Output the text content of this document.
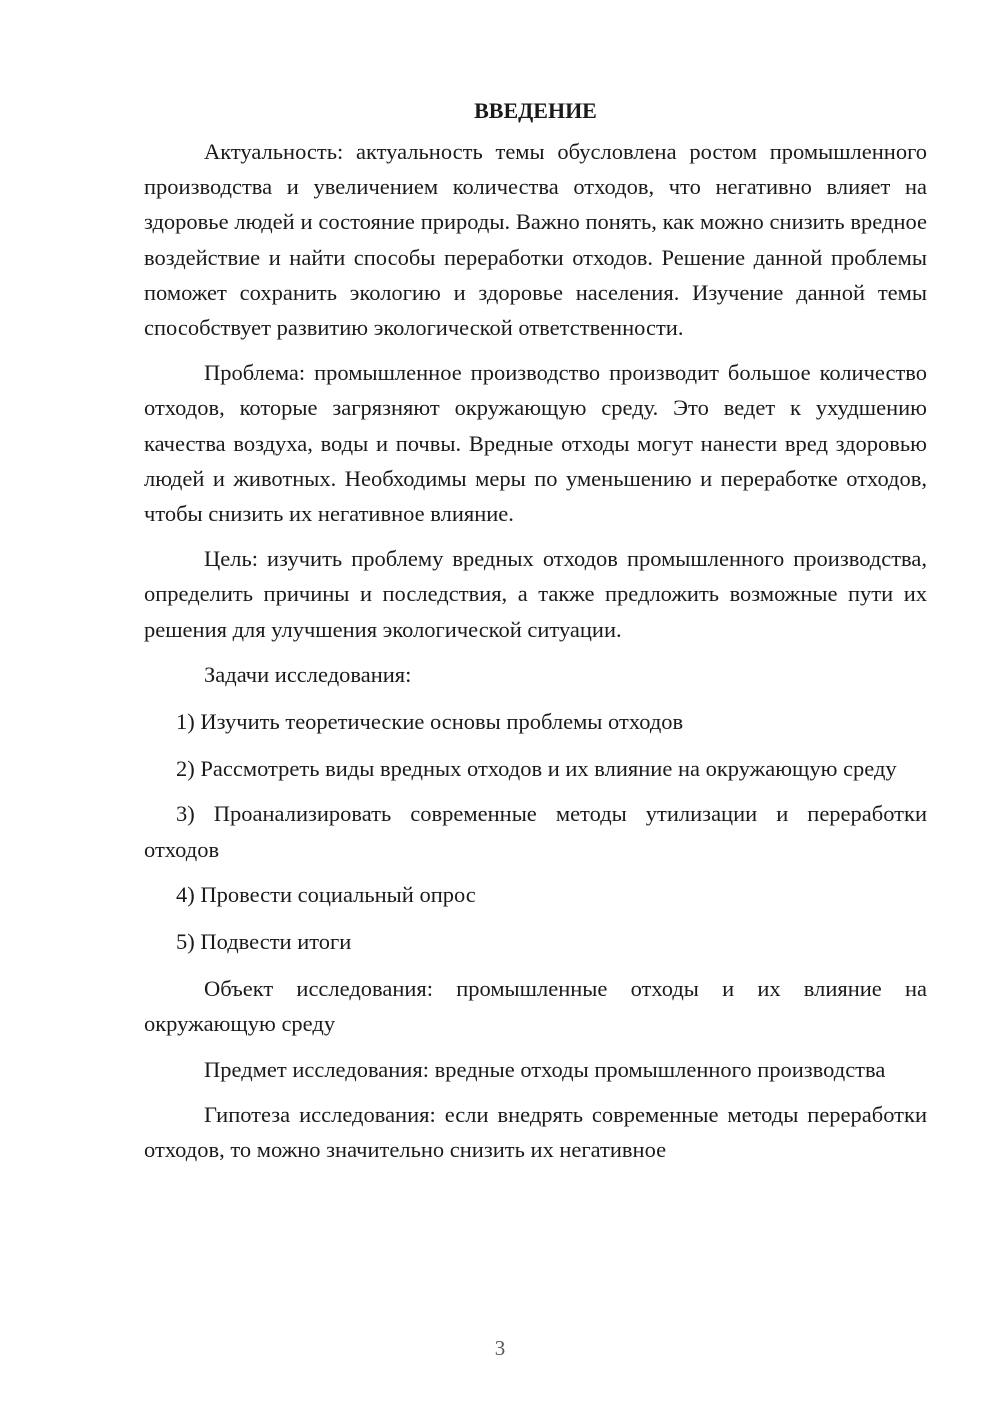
ВВЕДЕНИЕ

Актуальность: актуальность темы обусловлена ростом промышленного производства и увеличением количества отходов, что негативно влияет на здоровье людей и состояние природы. Важно понять, как можно снизить вредное воздействие и найти способы переработки отходов. Решение данной проблемы поможет сохранить экологию и здоровье населения. Изучение данной темы способствует развитию экологической ответственности.

Проблема: промышленное производство производит большое количество отходов, которые загрязняют окружающую среду. Это ведет к ухудшению качества воздуха, воды и почвы. Вредные отходы могут нанести вред здоровью людей и животных. Необходимы меры по уменьшению и переработке отходов, чтобы снизить их негативное влияние.

Цель: изучить проблему вредных отходов промышленного производства, определить причины и последствия, а также предложить возможные пути их решения для улучшения экологической ситуации.

Задачи исследования:

1) Изучить теоретические основы проблемы отходов

2) Рассмотреть виды вредных отходов и их влияние на окружающую среду

3) Проанализировать современные методы утилизации и переработки отходов

4) Провести социальный опрос

5) Подвести итоги

Объект исследования: промышленные отходы и их влияние на окружающую среду

Предмет исследования: вредные отходы промышленного производства

Гипотеза исследования: если внедрять современные методы переработки отходов, то можно значительно снизить их негативное

3
